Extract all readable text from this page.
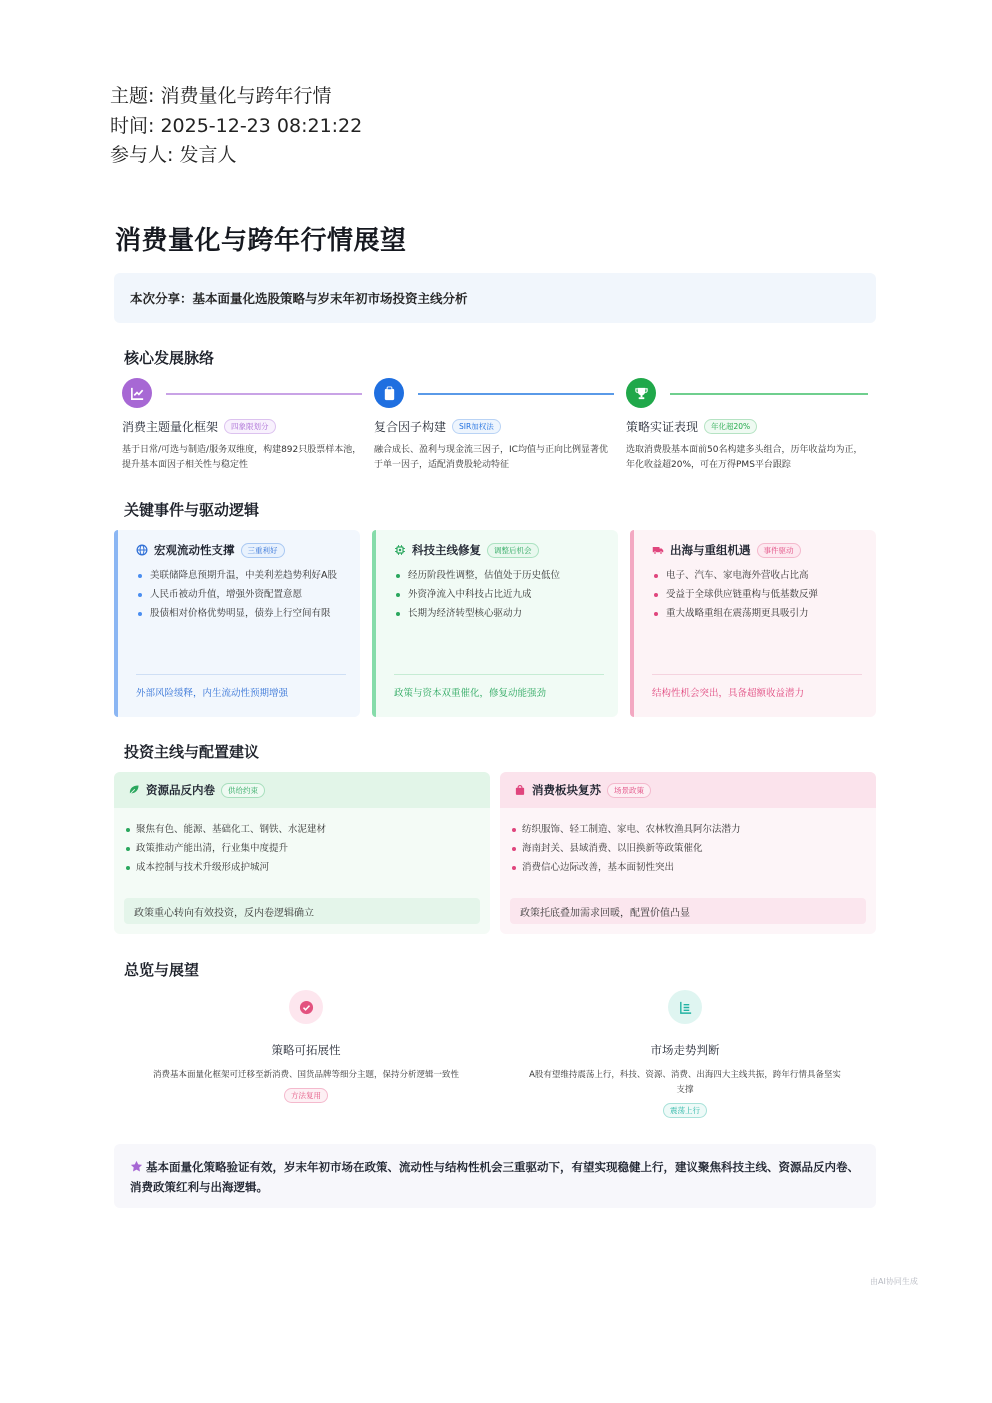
主题: 消费量化与跨年行情
时间: 2025-12-23 08:21:22
参与人: 发言人
消费量化与跨年行情展望
本次分享：基本面量化选股策略与岁末年初市场投资主线分析
核心发展脉络
消费主题量化框架	四象限划分
基于日常/可选与制造/服务双维度，构建892只股票样本池，提升基本面因子相关性与稳定性
复合因子构建	SIR加权法
融合成长、盈利与现金流三因子，IC均值与正向比例显著优于单一因子，适配消费股轮动特征
策略实证表现	年化超20%
选取消费股基本面前50名构建多头组合，历年收益均为正，年化收益超20%，可在万得PMS平台跟踪
关键事件与驱动逻辑
宏观流动性支撑	三重利好
美联储降息预期升温，中美利差趋势利好A股
人民币被动升值，增强外资配置意愿
股债相对价格优势明显，债券上行空间有限
外部风险缓释，内生流动性预期增强
科技主线修复	调整后机会
经历阶段性调整，估值处于历史低位
外资净流入中科技占比近九成
长期为经济转型核心驱动力
政策与资本双重催化，修复动能强劲
出海与重组机遇	事件驱动
电子、汽车、家电海外营收占比高
受益于全球供应链重构与低基数反弹
重大战略重组在震荡期更具吸引力
结构性机会突出，具备超额收益潜力
投资主线与配置建议
资源品反内卷	供给约束
聚焦有色、能源、基础化工、钢铁、水泥建材
政策推动产能出清，行业集中度提升
成本控制与技术升级形成护城河
政策重心转向有效投资，反内卷逻辑确立
消费板块复苏	场景政策
纺织服饰、轻工制造、家电、农林牧渔具阿尔法潜力
海南封关、县域消费、以旧换新等政策催化
消费信心边际改善，基本面韧性突出
政策托底叠加需求回暖，配置价值凸显
总览与展望
策略可拓展性
消费基本面量化框架可迁移至新消费、国货品牌等细分主题，保持分析逻辑一致性
方法复用
市场走势判断
A股有望维持震荡上行，科技、资源、消费、出海四大主线共振，跨年行情具备坚实支撑
震荡上行
基本面量化策略验证有效，岁末年初市场在政策、流动性与结构性机会三重驱动下，有望实现稳健上行，建议聚焦科技主线、资源品反内卷、消费政策红利与出海逻辑。
由AI协同生成
